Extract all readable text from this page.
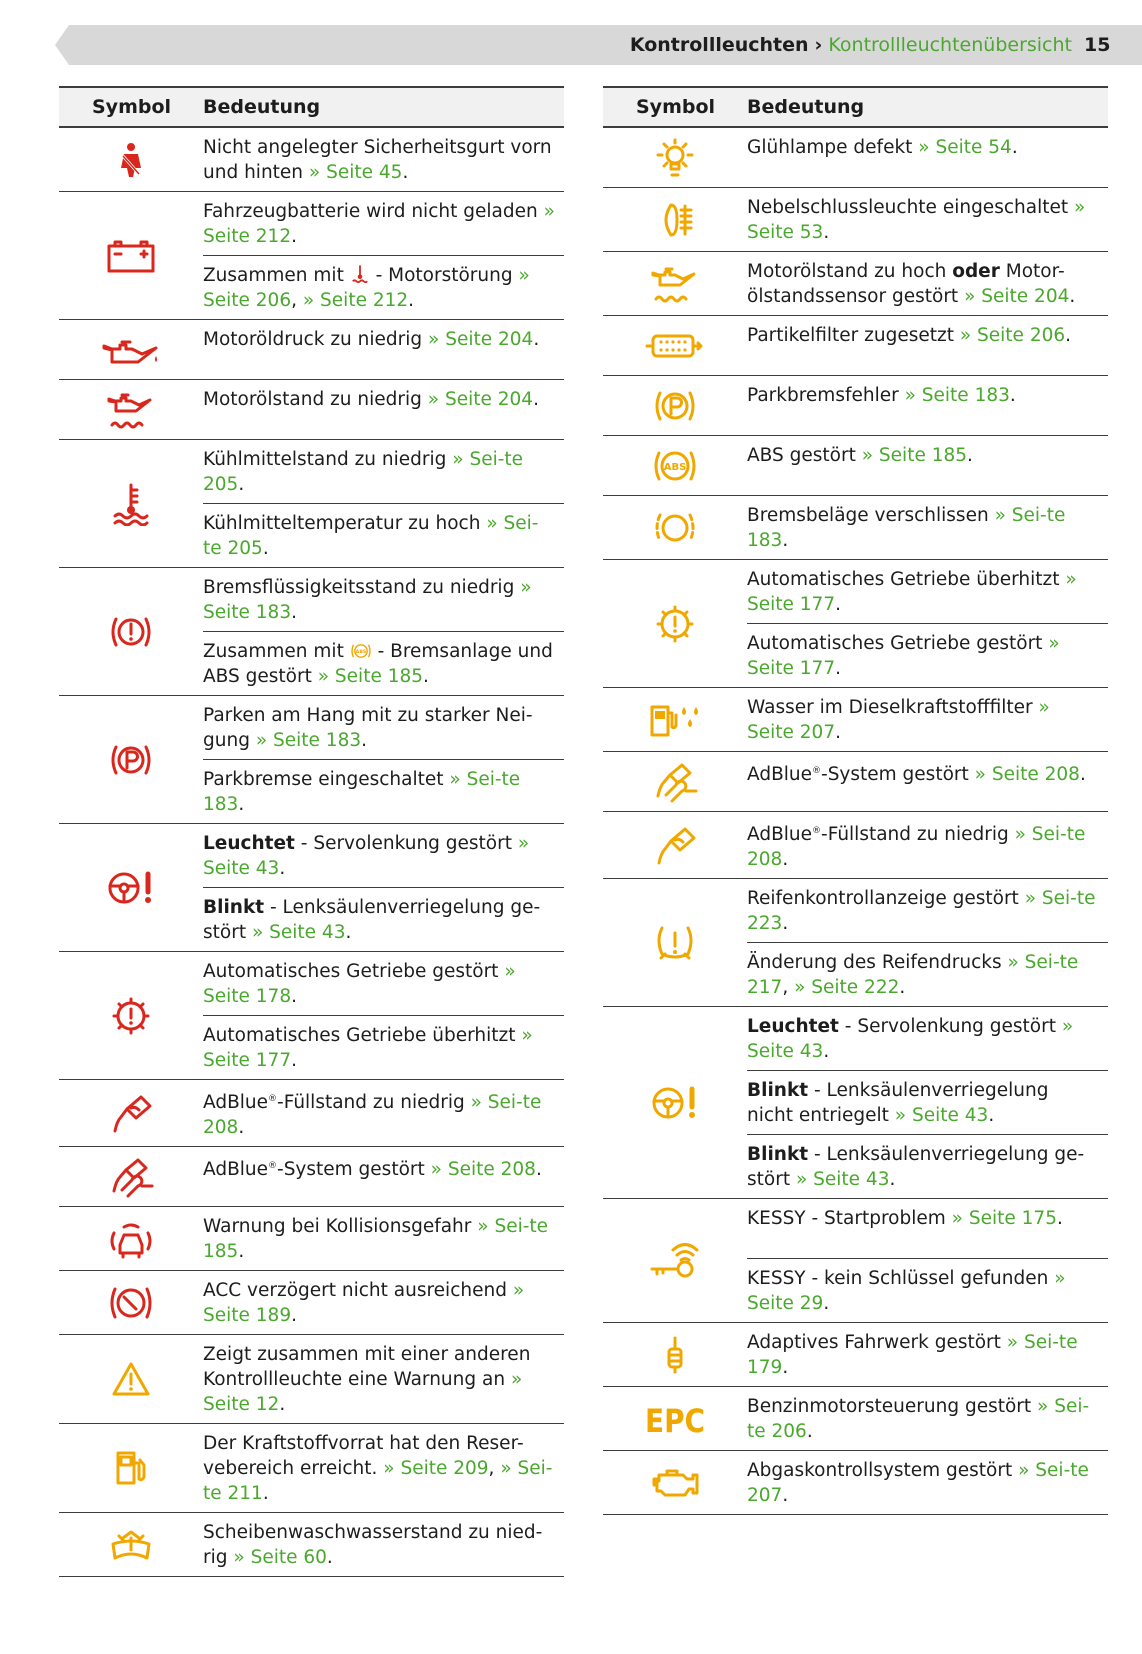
Kontrollleuchten › Kontrollleuchtenübersicht 15
Symbol	Bedeutung
Nicht angelegter Sicherheitsgurt vorn und hinten » Seite 45.
Fahrzeugbatterie wird nicht geladen » Seite 212.
Zusammen mit  - Motorstörung » Seite 206, » Seite 212.
Motoröldruck zu niedrig » Seite 204.
Motorölstand zu niedrig » Seite 204.
Kühlmittelstand zu niedrig » Sei-te 205.
Kühlmitteltemperatur zu hoch » Sei-te 205.
Bremsflüssigkeitsstand zu niedrig » Seite 183.
Zusammen mit ABS - Bremsanlage und ABS gestört » Seite 185.
Parken am Hang mit zu starker Nei-gung » Seite 183.
Parkbremse eingeschaltet » Sei-te 183.
Leuchtet - Servolenkung gestört » Seite 43.
Blinkt - Lenksäulenverriegelung ge-stört » Seite 43.
Automatisches Getriebe gestört » Seite 178.
Automatisches Getriebe überhitzt » Seite 177.
AdBlue®-Füllstand zu niedrig » Sei-te 208.
AdBlue®-System gestört » Seite 208.
Warnung bei Kollisionsgefahr » Sei-te 185.
ACC verzögert nicht ausreichend » Seite 189.
Zeigt zusammen mit einer anderen Kontrollleuchte eine Warnung an » Seite 12.
Der Kraftstoffvorrat hat den Reser-vebereich erreicht. » Seite 209, » Sei-te 211.
Scheibenwaschwasserstand zu nied-rig » Seite 60.
Symbol	Bedeutung
Glühlampe defekt » Seite 54.
Nebelschlussleuchte eingeschaltet » Seite 53.
Motorölstand zu hoch oder Motor-ölstandssensor gestört » Seite 204.
Partikelfilter zugesetzt » Seite 206.
Parkbremsfehler » Seite 183.
ABS
ABS gestört » Seite 185.
Bremsbeläge verschlissen » Sei-te 183.
Automatisches Getriebe überhitzt » Seite 177.
Automatisches Getriebe gestört » Seite 177.
Wasser im Dieselkraftstofffilter » Seite 207.
AdBlue®-System gestört » Seite 208.
AdBlue®-Füllstand zu niedrig » Sei-te 208.
Reifenkontrollanzeige gestört » Sei-te 223.
Änderung des Reifendrucks » Sei-te 217, » Seite 222.
Leuchtet - Servolenkung gestört » Seite 43.
Blinkt - Lenksäulenverriegelung nicht entriegelt » Seite 43.
Blinkt - Lenksäulenverriegelung ge-stört » Seite 43.
KESSY - Startproblem » Seite 175.
KESSY - kein Schlüssel gefunden » Seite 29.
Adaptives Fahrwerk gestört » Sei-te 179.
EPC Benzinmotorsteuerung gestört » Sei-te 206.
Abgaskontrollsystem gestört » Sei-te 207.
